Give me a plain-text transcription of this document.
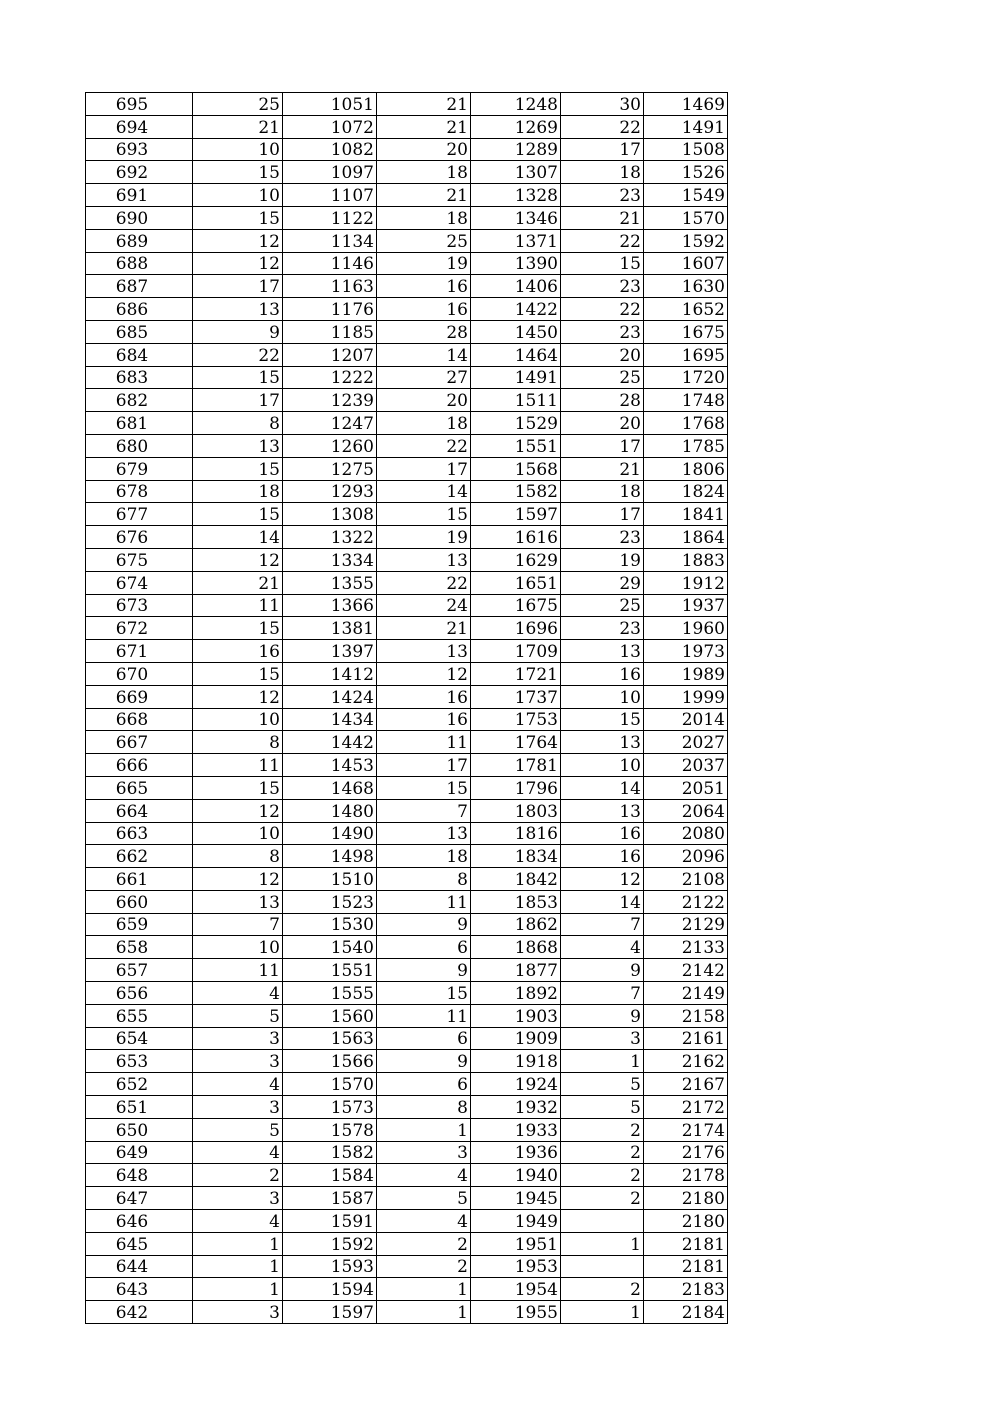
695	25	1051	21	1248	30	1469
694	21	1072	21	1269	22	1491
693	10	1082	20	1289	17	1508
692	15	1097	18	1307	18	1526
691	10	1107	21	1328	23	1549
690	15	1122	18	1346	21	1570
689	12	1134	25	1371	22	1592
688	12	1146	19	1390	15	1607
687	17	1163	16	1406	23	1630
686	13	1176	16	1422	22	1652
685	9	1185	28	1450	23	1675
684	22	1207	14	1464	20	1695
683	15	1222	27	1491	25	1720
682	17	1239	20	1511	28	1748
681	8	1247	18	1529	20	1768
680	13	1260	22	1551	17	1785
679	15	1275	17	1568	21	1806
678	18	1293	14	1582	18	1824
677	15	1308	15	1597	17	1841
676	14	1322	19	1616	23	1864
675	12	1334	13	1629	19	1883
674	21	1355	22	1651	29	1912
673	11	1366	24	1675	25	1937
672	15	1381	21	1696	23	1960
671	16	1397	13	1709	13	1973
670	15	1412	12	1721	16	1989
669	12	1424	16	1737	10	1999
668	10	1434	16	1753	15	2014
667	8	1442	11	1764	13	2027
666	11	1453	17	1781	10	2037
665	15	1468	15	1796	14	2051
664	12	1480	7	1803	13	2064
663	10	1490	13	1816	16	2080
662	8	1498	18	1834	16	2096
661	12	1510	8	1842	12	2108
660	13	1523	11	1853	14	2122
659	7	1530	9	1862	7	2129
658	10	1540	6	1868	4	2133
657	11	1551	9	1877	9	2142
656	4	1555	15	1892	7	2149
655	5	1560	11	1903	9	2158
654	3	1563	6	1909	3	2161
653	3	1566	9	1918	1	2162
652	4	1570	6	1924	5	2167
651	3	1573	8	1932	5	2172
650	5	1578	1	1933	2	2174
649	4	1582	3	1936	2	2176
648	2	1584	4	1940	2	2178
647	3	1587	5	1945	2	2180
646	4	1591	4	1949		2180
645	1	1592	2	1951	1	2181
644	1	1593	2	1953		2181
643	1	1594	1	1954	2	2183
642	3	1597	1	1955	1	2184
